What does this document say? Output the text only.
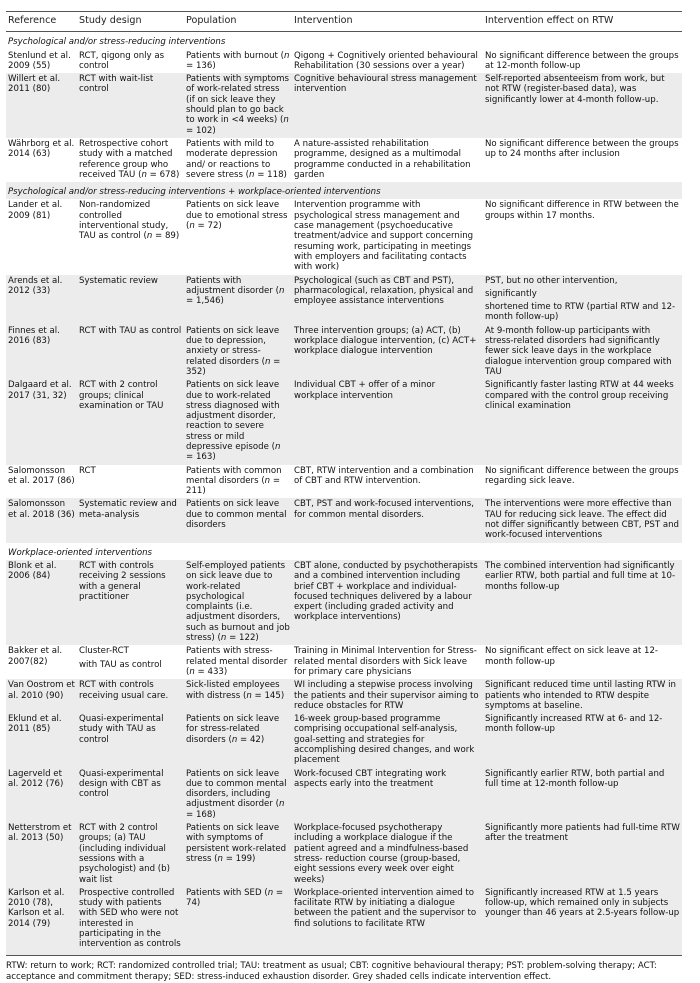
Reference	Study design	Population	Intervention	Intervention effect on RTW
Psychological and/or stress-reducing interventions				
Stenlund et al. 2009 (55)	RCT, qigong only as control	Patients with burnout (n = 136)	Qigong + Cognitively oriented behavioural Rehabilitation (30 sessions over a year)	No significant difference between the groups at 12-month follow-up
Willert et al. 2011 (80)	RCT with wait-list control	Patients with symptoms of work-related stress (if on sick leave they should plan to go back to work in <4 weeks) (n = 102)	Cognitive behavioural stress management intervention	Self-reported absenteeism from work, but not RTW (register-based data), was significantly lower at 4-month follow-up.
Währborg et al. 2014 (63)	Retrospective cohort study with a matched reference group who received TAU (n = 678)	Patients with mild to moderate depression and/ or reactions to severe stress (n = 118)	A nature-assisted rehabilitation programme, designed as a multimodal programme conducted in a rehabilitation garden	No significant difference between the groups up to 24 months after inclusion
Psychological and/or stress-reducing interventions + workplace-oriented interventions				
Lander et al. 2009 (81)	Non-randomized controlled interventional study, TAU as control (n = 89)	Patients on sick leave due to emotional stress (n = 72)	Intervention programme with psychological stress management and case management (psychoeducative treatment/advice and support concerning resuming work, participating in meetings with employers and facilitating contacts with work)	No significant difference in RTW between the groups within 17 months.
Arends et al. 2012 (33)	Systematic review	Patients with adjustment disorder (n = 1,546)	Psychological (such as CBT and PST), pharmacological, relaxation, physical and employee assistance interventions	PST, but no other intervention,
significantly
shortened time to RTW (partial RTW and 12-month follow-up)

Finnes et al. 2016 (83)	RCT with TAU as control	Patients on sick leave due to depression, anxiety or stress-related disorders (n = 352)	Three intervention groups; (a) ACT, (b) workplace dialogue intervention, (c) ACT+ workplace dialogue intervention	At 9-month follow-up participants with stress-related disorders had significantly fewer sick leave days in the workplace dialogue intervention group compared with TAU
Dalgaard et al. 2017 (31, 32)	RCT with 2 control groups; clinical examination or TAU	Patients on sick leave due to work-related stress diagnosed with adjustment disorder, reaction to severe stress or mild depressive episode (n = 163)	Individual CBT + offer of a minor workplace intervention	Significantly faster lasting RTW at 44 weeks compared with the control group receiving clinical examination
Salomonsson et al. 2017 (86)	RCT	Patients with common mental disorders (n = 211)	CBT, RTW intervention and a combination of CBT and RTW intervention.	No significant difference between the groups regarding sick leave.
Salomonsson et al. 2018 (36)	Systematic review and meta-analysis	Patients on sick leave due to common mental disorders	CBT, PST and work-focused interventions, for common mental disorders.	The interventions were more effective than TAU for reducing sick leave. The effect did not differ significantly between CBT, PST and work-focused interventions
Workplace-oriented interventions				
Blonk et al. 2006 (84)	RCT with controls receiving 2 sessions with a general practitioner	Self-employed patients on sick leave due to work-related psychological complaints (i.e. adjustment disorders, such as burnout and job stress) (n = 122)	CBT alone, conducted by psychotherapists and a combined intervention including brief CBT + workplace and individual-focused techniques delivered by a labour expert (including graded activity and workplace interventions)	The combined intervention had significantly earlier RTW, both partial and full time at 10-months follow-up
Bakker et al. 2007(82)	Cluster-RCT
with TAU as control	Patients with stress-related mental disorder (n = 433)	Training in Minimal Intervention for Stress-related mental disorders with Sick leave for primary care physicians	No significant effect on sick leave at 12-month follow-up
Van Oostrom et al. 2010 (90)	RCT with controls receiving usual care.	Sick-listed employees with distress (n = 145)	WI including a stepwise process involving the patients and their supervisor aiming to reduce obstacles for RTW	Significant reduced time until lasting RTW in patients who intended to RTW despite symptoms at baseline.
Eklund et al. 2011 (85)	Quasi-experimental study with TAU as control	Patients on sick leave for stress-related disorders (n = 42)	16-week group-based programme comprising occupational self-analysis, goal-setting and strategies for accomplishing desired changes, and work placement	Significantly increased RTW at 6- and 12-month follow-up
Lagerveld et al. 2012 (76)	Quasi-experimental design with CBT as control	Patients on sick leave due to common mental disorders, including adjustment disorder (n = 168)	Work-focused CBT integrating work aspects early into the treatment	Significantly earlier RTW, both partial and full time at 12-month follow-up
Netterstrom et al. 2013 (50)	RCT with 2 control groups; (a) TAU (including individual sessions with a psychologist) and (b) wait list	Patients on sick leave with symptoms of persistent work-related stress (n = 199)	Workplace-focused psychotherapy including a workplace dialogue if the patient agreed and a mindfulness-based stress- reduction course (group-based, eight sessions every week over eight weeks)	Significantly more patients had full-time RTW after the treatment
Karlson et al. 2010 (78), Karlson et al. 2014 (79)	Prospective controlled study with patients with SED who were not interested in participating in the intervention as controls	Patients with SED (n = 74)	Workplace-oriented intervention aimed to facilitate RTW by initiating a dialogue between the patient and the supervisor to find solutions to facilitate RTW	Significantly increased RTW at 1.5 years follow-up, which remained only in subjects younger than 46 years at 2.5-years follow-up
RTW: return to work; RCT: randomized controlled trial; TAU: treatment as usual; CBT: cognitive behavioural therapy; PST: problem-solving therapy; ACT: acceptance and commitment therapy; SED: stress-induced exhaustion disorder. Grey shaded cells indicate intervention effect.
